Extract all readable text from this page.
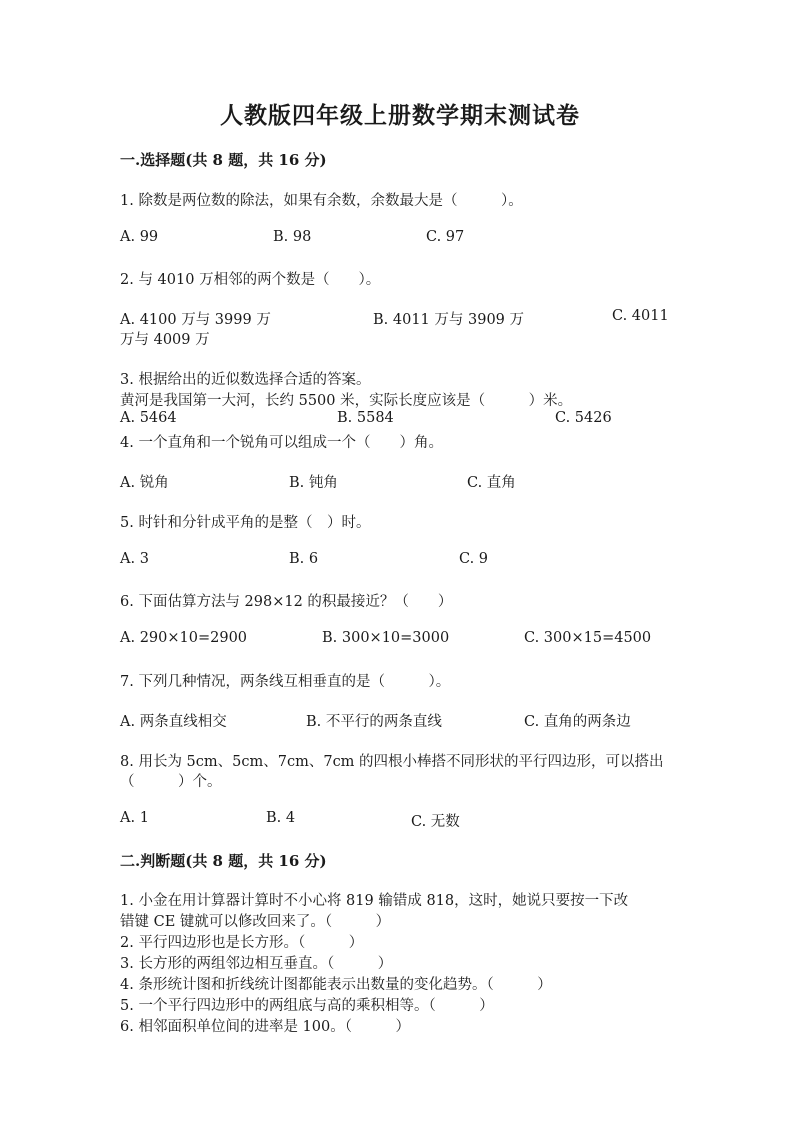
人教版四年级上册数学期末测试卷
一.选择题(共 8 题，共 16 分)

1. 除数是两位数的除法，如果有余数，余数最大是（　　　）。

A. 99	B. 98	C. 97

2. 与 4010 万相邻的两个数是（　　）。

A. 4100 万与 3999 万	B. 4011 万与 3909 万	C. 4011
万与 4009 万

3. 根据给出的近似数选择合适的答案。

黄河是我国第一大河，长约 5500 米，实际长度应该是（　　　）米。

A. 5464	B. 5584	C. 5426

4. 一个直角和一个锐角可以组成一个（　　）角。

A. 锐角	B. 钝角	C. 直角

5. 时针和分针成平角的是整（　）时。

A. 3	B. 6	C. 9

6. 下面估算方法与 298×12 的积最接近？（　　）

A. 290×10=2900	B. 300×10=3000	C. 300×15=4500

7. 下列几种情况，两条线互相垂直的是（　　　）。

A. 两条直线相交	B. 不平行的两条直线	C. 直角的两条边

8. 用长为 5cm、5cm、7cm、7cm 的四根小棒搭不同形状的平行四边形，可以搭出

（　　　）个。

A. 1	B. 4	C. 无数
二.判断题(共 8 题，共 16 分)

1. 小金在用计算器计算时不小心将 819 输错成 818，这时，她说只要按一下改

错键 CE 键就可以修改回来了。（　　　）

2. 平行四边形也是长方形。（　　　）

3. 长方形的两组邻边相互垂直。（　　　）

4. 条形统计图和折线统计图都能表示出数量的变化趋势。（　　　）

5. 一个平行四边形中的两组底与高的乘积相等。（　　　）

6. 相邻面积单位间的进率是 100。（　　　）
